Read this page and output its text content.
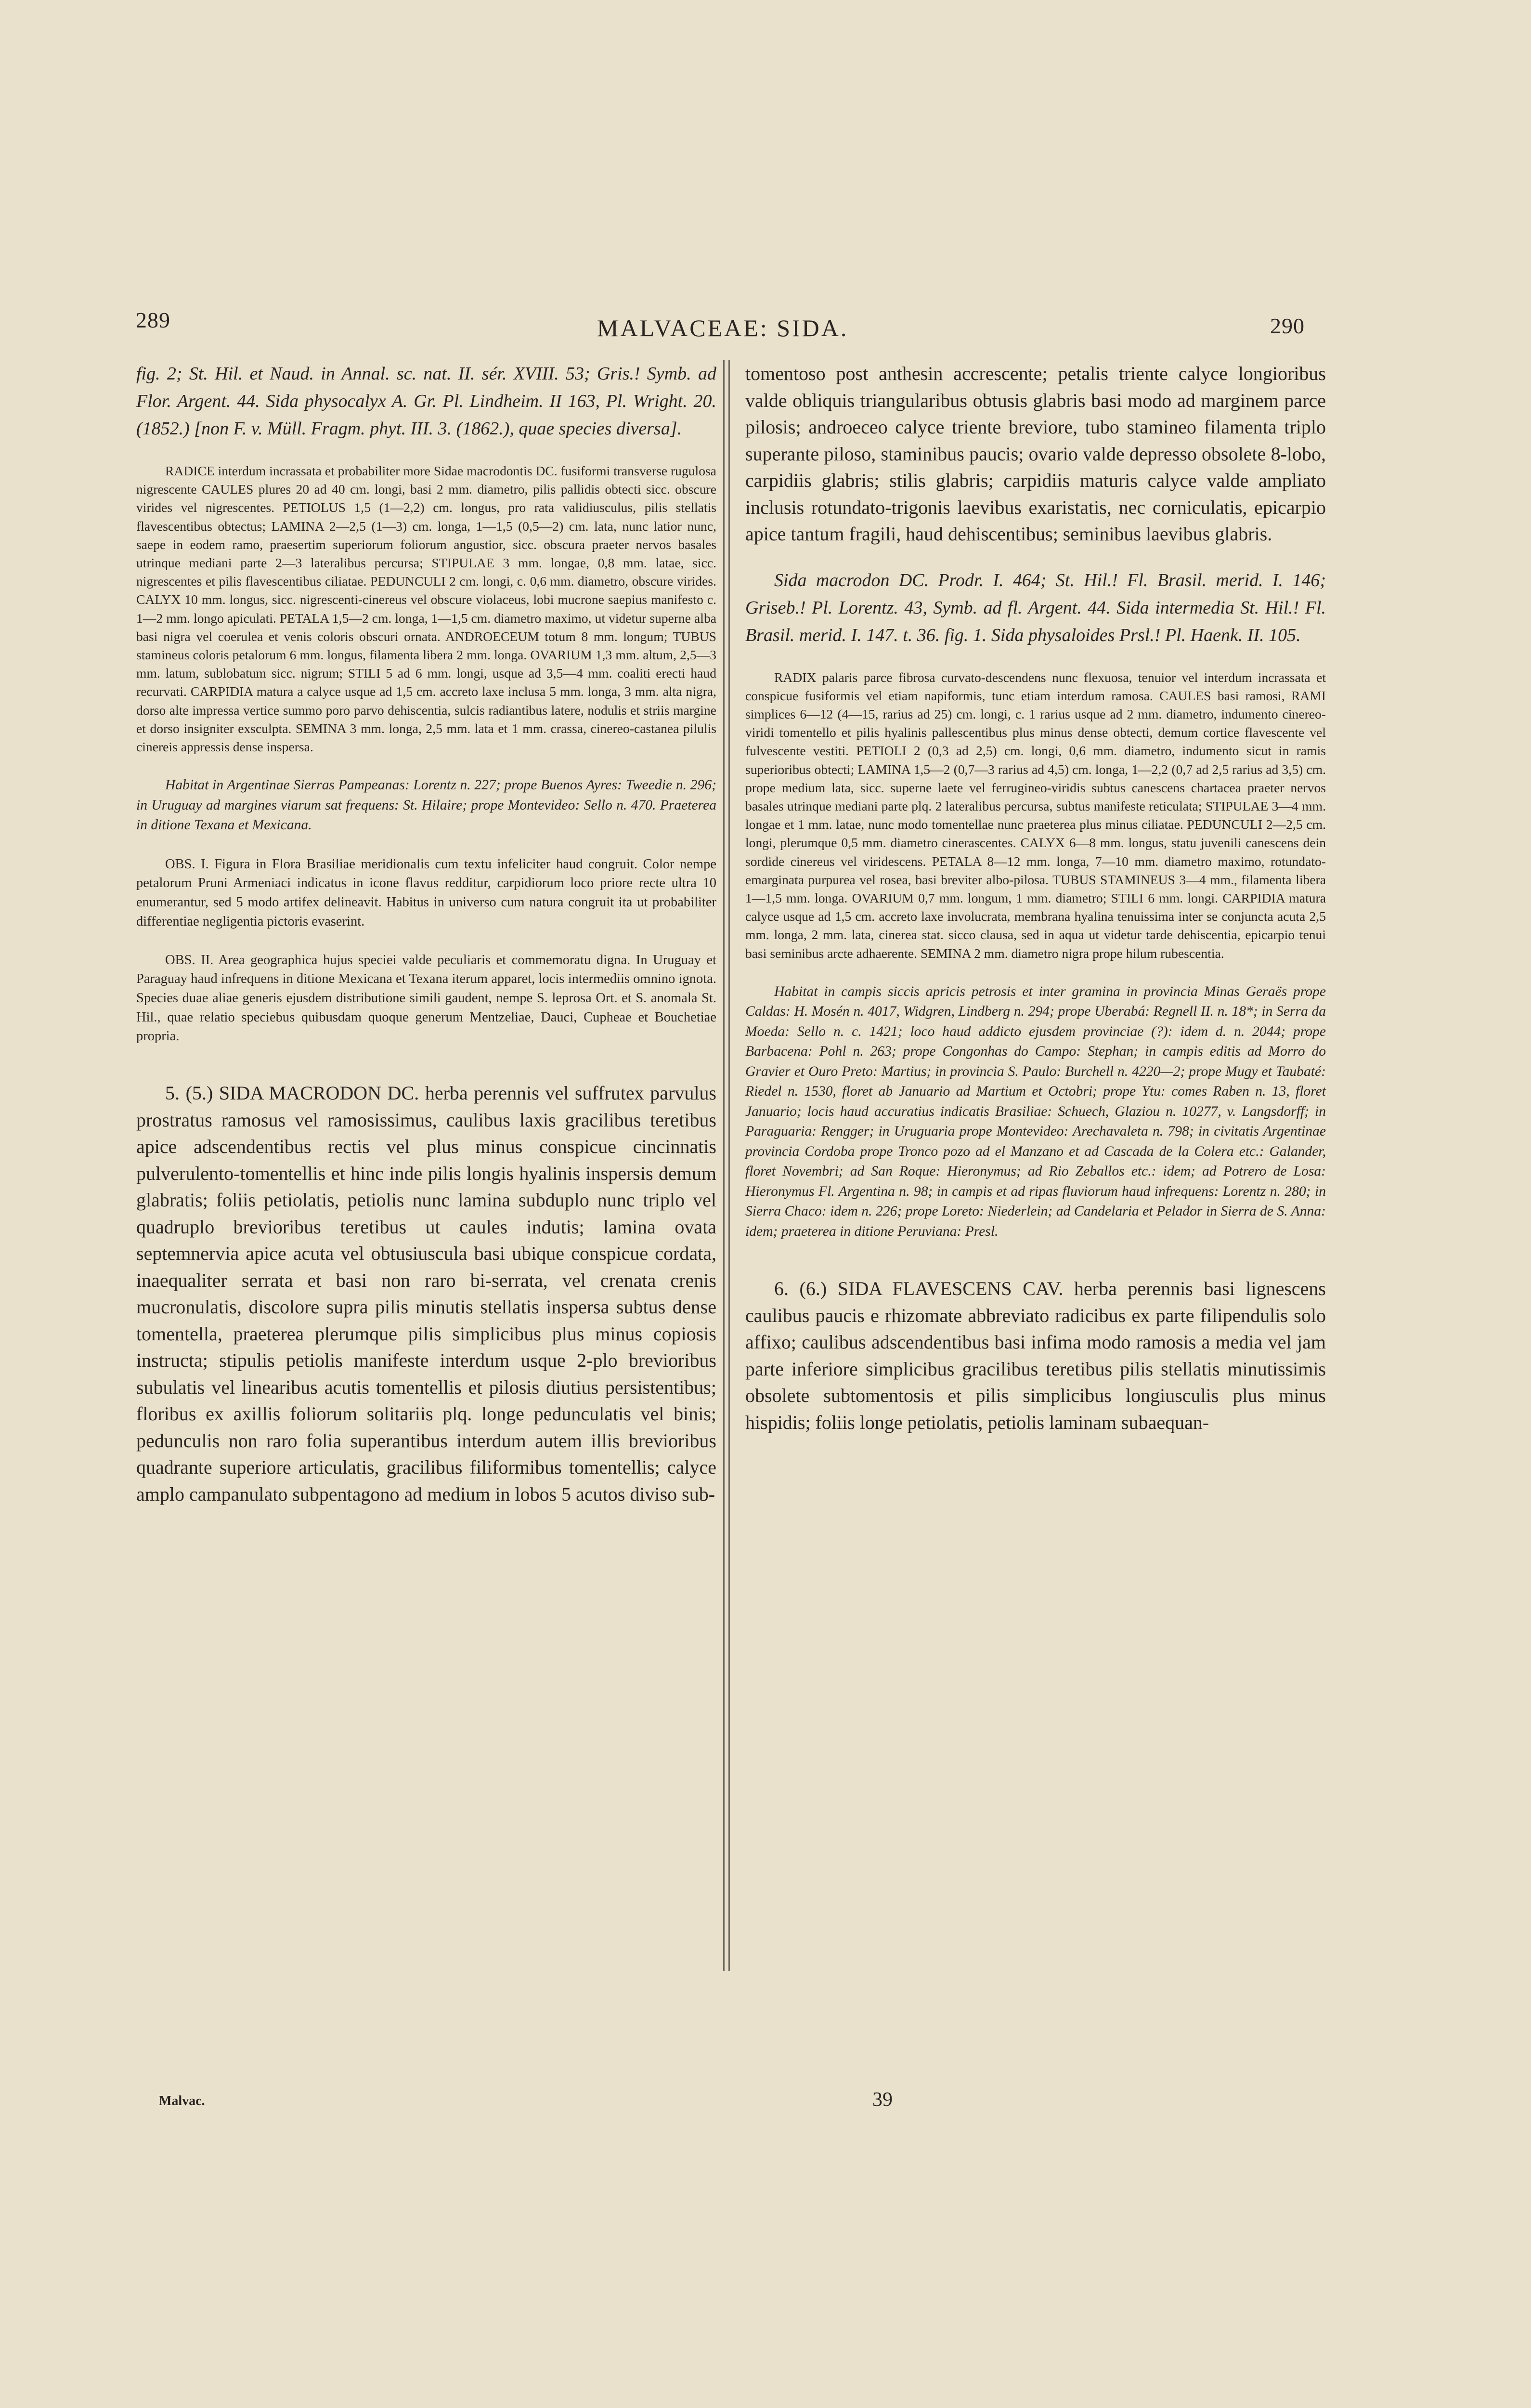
289	MALVACEAE: SIDA.	290

fig. 2; St. Hil. et Naud. in Annal. sc. nat. II. sér. XVIII. 53; Gris.! Symb. ad Flor. Argent. 44. Sida physocalyx A. Gr. Pl. Lindheim. II 163, Pl. Wright. 20. (1852.) [non F. v. Müll. Fragm. phyt. III. 3. (1862.), quae species diversa].

RADICE interdum incrassata et probabiliter more Sidae macrodontis DC. fusiformi transverse rugulosa nigrescente CAULES plures 20 ad 40 cm. longi, basi 2 mm. diametro, pilis pallidis obtecti sicc. obscure virides vel nigrescentes. PETIOLUS 1,5 (1—2,2) cm. longus, pro rata validiusculus, pilis stellatis flavescentibus obtectus; LAMINA 2—2,5 (1—3) cm. longa, 1—1,5 (0,5—2) cm. lata, nunc latior nunc, saepe in eodem ramo, praesertim superiorum foliorum angustior, sicc. obscura praeter nervos basales utrinque mediani parte 2—3 lateralibus percursa; STIPULAE 3 mm. longae, 0,8 mm. latae, sicc. nigrescentes et pilis flavescentibus ciliatae. PEDUNCULI 2 cm. longi, c. 0,6 mm. diametro, obscure virides. CALYX 10 mm. longus, sicc. nigrescenti-cinereus vel obscure violaceus, lobi mucrone saepius manifesto c. 1—2 mm. longo apiculati. PETALA 1,5—2 cm. longa, 1—1,5 cm. diametro maximo, ut videtur superne alba basi nigra vel coerulea et venis coloris obscuri ornata. ANDROECEUM totum 8 mm. longum; TUBUS stamineus coloris petalorum 6 mm. longus, filamenta libera 2 mm. longa. OVARIUM 1,3 mm. altum, 2,5—3 mm. latum, sublobatum sicc. nigrum; STILI 5 ad 6 mm. longi, usque ad 3,5—4 mm. coaliti erecti haud recurvati. CARPIDIA matura a calyce usque ad 1,5 cm. accreto laxe inclusa 5 mm. longa, 3 mm. alta nigra, dorso alte impressa vertice summo poro parvo dehiscentia, sulcis radiantibus latere, nodulis et striis margine et dorso insigniter exsculpta. SEMINA 3 mm. longa, 2,5 mm. lata et 1 mm. crassa, cinereo-castanea pilulis cinereis appressis dense inspersa.

Habitat in Argentinae Sierras Pampeanas: Lorentz n. 227; prope Buenos Ayres: Tweedie n. 296; in Uruguay ad margines viarum sat frequens: St. Hilaire; prope Montevideo: Sello n. 470. Praeterea in ditione Texana et Mexicana.

OBS. I. Figura in Flora Brasiliae meridionalis cum textu infeliciter haud congruit. Color nempe petalorum Pruni Armeniaci indicatus in icone flavus redditur, carpidiorum loco priore recte ultra 10 enumerantur, sed 5 modo artifex delineavit. Habitus in universo cum natura congruit ita ut probabiliter differentiae negligentia pictoris evaserint.

OBS. II. Area geographica hujus speciei valde peculiaris et commemoratu digna. In Uruguay et Paraguay haud infrequens in ditione Mexicana et Texana iterum apparet, locis intermediis omnino ignota. Species duae aliae generis ejusdem distributione simili gaudent, nempe S. leprosa Ort. et S. anomala St. Hil., quae relatio speciebus quibusdam quoque generum Mentzeliae, Dauci, Cupheae et Bouchetiae propria.

5. (5.) SIDA MACRODON DC. herba perennis vel suffrutex parvulus prostratus ramosus vel ramosissimus, caulibus laxis gracilibus teretibus apice adscendentibus rectis vel plus minus conspicue cincinnatis pulverulento-tomentellis et hinc inde pilis longis hyalinis inspersis demum glabratis; foliis petiolatis, petiolis nunc lamina subduplo nunc triplo vel quadruplo brevioribus teretibus ut caules indutis; lamina ovata septemnervia apice acuta vel obtusiuscula basi ubique conspicue cordata, inaequaliter serrata et basi non raro bi-serrata, vel crenata crenis mucronulatis, discolore supra pilis minutis stellatis inspersa subtus dense tomentella, praeterea plerumque pilis simplicibus plus minus copiosis instructa; stipulis petiolis manifeste interdum usque 2-plo brevioribus subulatis vel linearibus acutis tomentellis et pilosis diutius persistentibus; floribus ex axillis foliorum solitariis plq. longe pedunculatis vel binis; pedunculis non raro folia superantibus interdum autem illis brevioribus quadrante superiore articulatis, gracilibus filiformibus tomentellis; calyce amplo campanulato subpentagono ad medium in lobos 5 acutos diviso sub-

tomentoso post anthesin accrescente; petalis triente calyce longioribus valde obliquis triangularibus obtusis glabris basi modo ad marginem parce pilosis; androeceo calyce triente breviore, tubo stamineo filamenta triplo superante piloso, staminibus paucis; ovario valde depresso obsolete 8-lobo, carpidiis glabris; stilis glabris; carpidiis maturis calyce valde ampliato inclusis rotundato-trigonis laevibus exaristatis, nec corniculatis, epicarpio apice tantum fragili, haud dehiscentibus; seminibus laevibus glabris.

Sida macrodon DC. Prodr. I. 464; St. Hil.! Fl. Brasil. merid. I. 146; Griseb.! Pl. Lorentz. 43, Symb. ad fl. Argent. 44. Sida intermedia St. Hil.! Fl. Brasil. merid. I. 147. t. 36. fig. 1. Sida physaloides Prsl.! Pl. Haenk. II. 105.

RADIX palaris parce fibrosa curvato-descendens nunc flexuosa, tenuior vel interdum incrassata et conspicue fusiformis vel etiam napiformis, tunc etiam interdum ramosa. CAULES basi ramosi, RAMI simplices 6—12 (4—15, rarius ad 25) cm. longi, c. 1 rarius usque ad 2 mm. diametro, indumento cinereo-viridi tomentello et pilis hyalinis pallescentibus plus minus dense obtecti, demum cortice flavescente vel fulvescente vestiti. PETIOLI 2 (0,3 ad 2,5) cm. longi, 0,6 mm. diametro, indumento sicut in ramis superioribus obtecti; LAMINA 1,5—2 (0,7—3 rarius ad 4,5) cm. longa, 1—2,2 (0,7 ad 2,5 rarius ad 3,5) cm. prope medium lata, sicc. superne laete vel ferrugineo-viridis subtus canescens chartacea praeter nervos basales utrinque mediani parte plq. 2 lateralibus percursa, subtus manifeste reticulata; STIPULAE 3—4 mm. longae et 1 mm. latae, nunc modo tomentellae nunc praeterea plus minus ciliatae. PEDUNCULI 2—2,5 cm. longi, plerumque 0,5 mm. diametro cinerascentes. CALYX 6—8 mm. longus, statu juvenili canescens dein sordide cinereus vel viridescens. PETALA 8—12 mm. longa, 7—10 mm. diametro maximo, rotundato-emarginata purpurea vel rosea, basi breviter albo-pilosa. TUBUS STAMINEUS 3—4 mm., filamenta libera 1—1,5 mm. longa. OVARIUM 0,7 mm. longum, 1 mm. diametro; STILI 6 mm. longi. CARPIDIA matura calyce usque ad 1,5 cm. accreto laxe involucrata, membrana hyalina tenuissima inter se conjuncta acuta 2,5 mm. longa, 2 mm. lata, cinerea stat. sicco clausa, sed in aqua ut videtur tarde dehiscentia, epicarpio tenui basi seminibus arcte adhaerente. SEMINA 2 mm. diametro nigra prope hilum rubescentia.

Habitat in campis siccis apricis petrosis et inter gramina in provincia Minas Geraës prope Caldas: H. Mosén n. 4017, Widgren, Lindberg n. 294; prope Uberabá: Regnell II. n. 18*; in Serra da Moeda: Sello n. c. 1421; loco haud addicto ejusdem provinciae (?): idem d. n. 2044; prope Barbacena: Pohl n. 263; prope Congonhas do Campo: Stephan; in campis editis ad Morro do Gravier et Ouro Preto: Martius; in provincia S. Paulo: Burchell n. 4220—2; prope Mugy et Taubaté: Riedel n. 1530, floret ab Januario ad Martium et Octobri; prope Ytu: comes Raben n. 13, floret Januario; locis haud accuratius indicatis Brasiliae: Schuech, Glaziou n. 10277, v. Langsdorff; in Paraguaria: Rengger; in Uruguaria prope Montevideo: Arechavaleta n. 798; in civitatis Argentinae provincia Cordoba prope Tronco pozo ad el Manzano et ad Cascada de la Colera etc.: Galander, floret Novembri; ad San Roque: Hieronymus; ad Rio Zeballos etc.: idem; ad Potrero de Losa: Hieronymus Fl. Argentina n. 98; in campis et ad ripas fluviorum haud infrequens: Lorentz n. 280; in Sierra Chaco: idem n. 226; prope Loreto: Niederlein; ad Candelaria et Pelador in Sierra de S. Anna: idem; praeterea in ditione Peruviana: Presl.

6. (6.) SIDA FLAVESCENS CAV. herba perennis basi lignescens caulibus paucis e rhizomate abbreviato radicibus ex parte filipendulis solo affixo; caulibus adscendentibus basi infima modo ramosis a media vel jam parte inferiore simplicibus gracilibus teretibus pilis stellatis minutissimis obsolete subtomentosis et pilis simplicibus longiusculis plus minus hispidis; foliis longe petiolatis, petiolis laminam subaequan-

Malvac.	39
